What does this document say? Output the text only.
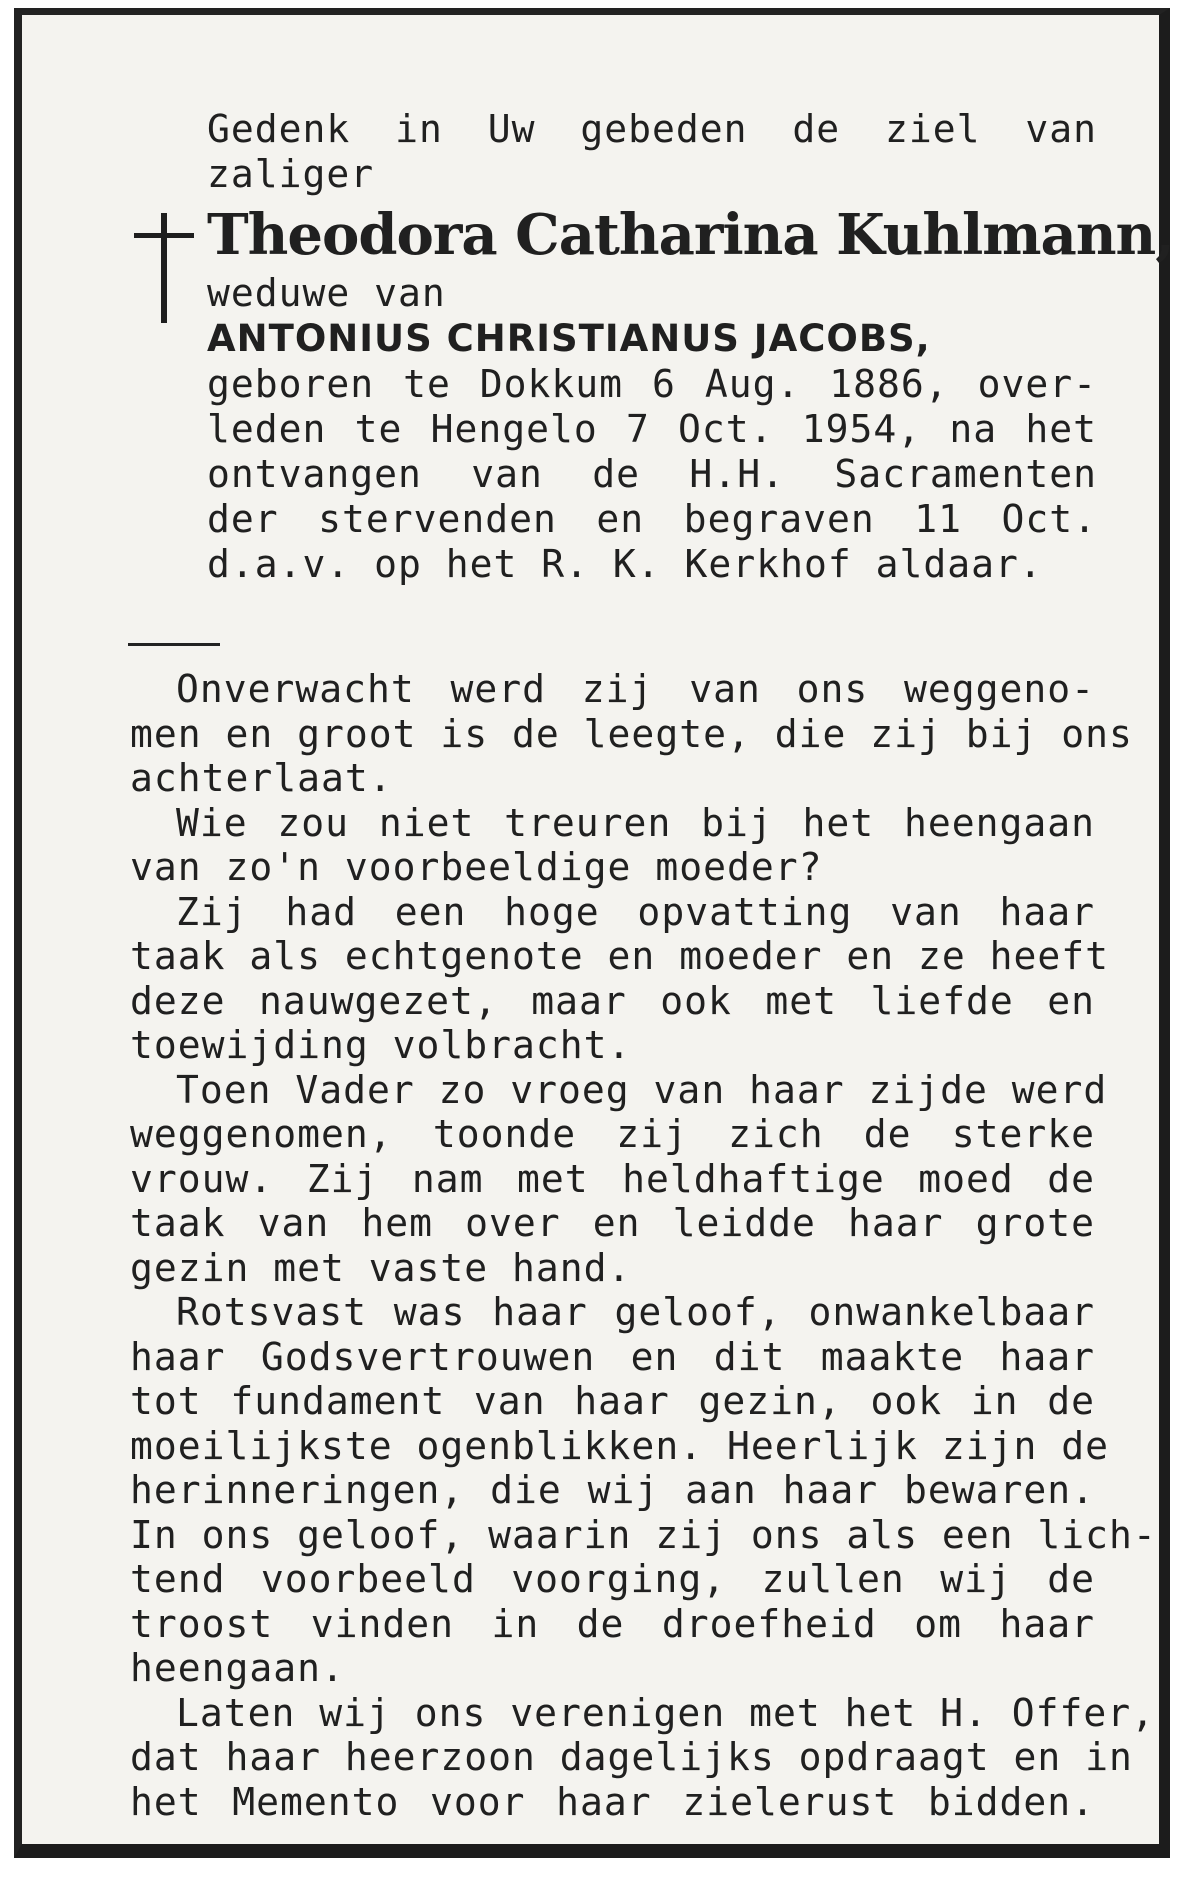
Gedenk in Uw gebeden de ziel van
zaliger
Theodora Catharina Kuhlmann,
weduwe van
ANTONIUS CHRISTIANUS JACOBS,
geboren te Dokkum 6 Aug. 1886, over-
leden te Hengelo 7 Oct. 1954, na het
ontvangen van de H.H. Sacramenten
der stervenden en begraven 11 Oct.
d.a.v. op het R. K. Kerkhof aldaar.
Onverwacht werd zij van ons weggeno-
men en groot is de leegte, die zij bij ons
achterlaat.
Wie zou niet treuren bij het heengaan
van zo'n voorbeeldige moeder?
Zij had een hoge opvatting van haar
taak als echtgenote en moeder en ze heeft
deze nauwgezet, maar ook met liefde en
toewijding volbracht.
Toen Vader zo vroeg van haar zijde werd
weggenomen, toonde zij zich de sterke
vrouw. Zij nam met heldhaftige moed de
taak van hem over en leidde haar grote
gezin met vaste hand.
Rotsvast was haar geloof, onwankelbaar
haar Godsvertrouwen en dit maakte haar
tot fundament van haar gezin, ook in de
moeilijkste ogenblikken. Heerlijk zijn de
herinneringen, die wij aan haar bewaren.
In ons geloof, waarin zij ons als een lich-
tend voorbeeld voorging, zullen wij de
troost vinden in de droefheid om haar
heengaan.
Laten wij ons verenigen met het H. Offer,
dat haar heerzoon dagelijks opdraagt en in
het Memento voor haar zielerust bidden.
